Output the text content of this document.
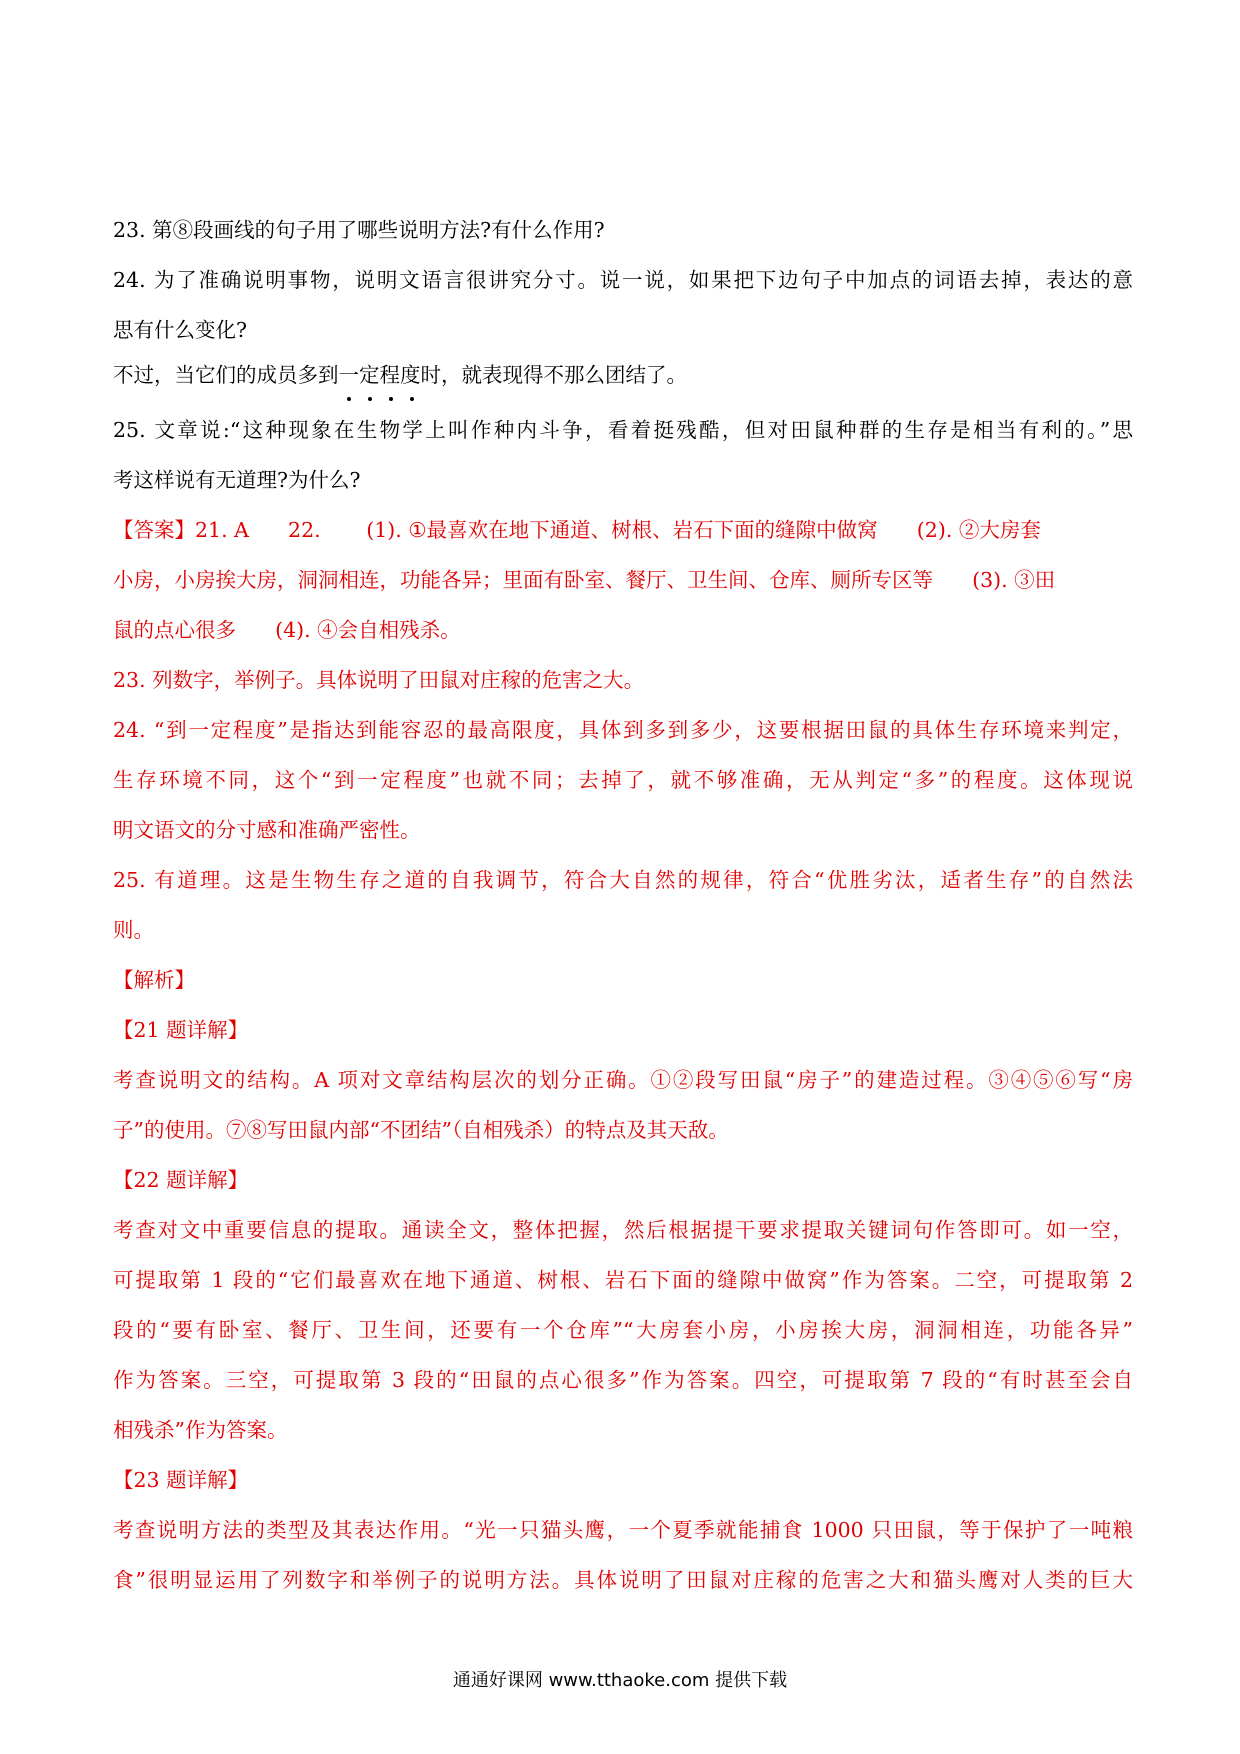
23. 第⑧段画线的句子用了哪些说明方法?有什么作用?

24. 为了准确说明事物，说明文语言很讲究分寸。说一说，如果把下边句子中加点的词语去掉，表达的意

思有什么变化?

不过，当它们的成员多到一定程度
时，就表现得不那么团结了。

25. 文章说:“这种现象在生物学上叫作种内斗争，看着挺残酷，但对田鼠种群的生存是相当有利的。”思

考这样说有无道理?为什么?

【答案】21. A      22.       (1). ①最喜欢在地下通道、树根、岩石下面的缝隙中做窝      (2). ②大房套

小房，小房挨大房，洞洞相连，功能各异；里面有卧室、餐厅、卫生间、仓库、厕所专区等      (3). ③田

鼠的点心很多      (4). ④会自相残杀。

23. 列数字，举例子。具体说明了田鼠对庄稼的危害之大。

24. “到一定程度”是指达到能容忍的最高限度，具体到多到多少，这要根据田鼠的具体生存环境来判定，

生存环境不同，这个“到一定程度”也就不同；去掉了，就不够准确，无从判定“多”的程度。这体现说

明文语文的分寸感和准确严密性。

25. 有道理。这是生物生存之道的自我调节，符合大自然的规律，符合“优胜劣汰，适者生存”的自然法

则。

【解析】

【21 题详解】

考查说明文的结构。A 项对文章结构层次的划分正确。①②段写田鼠“房子”的建造过程。③④⑤⑥写“房

子”的使用。⑦⑧写田鼠内部“不团结”（自相残杀）的特点及其天敌。

【22 题详解】

考查对文中重要信息的提取。通读全文，整体把握，然后根据提干要求提取关键词句作答即可。如一空，

可提取第 1 段的“它们最喜欢在地下通道、树根、岩石下面的缝隙中做窝”作为答案。二空，可提取第 2

段的“要有卧室、餐厅、卫生间，还要有一个仓库”“大房套小房，小房挨大房，洞洞相连，功能各异”

作为答案。三空，可提取第 3 段的“田鼠的点心很多”作为答案。四空，可提取第 7 段的“有时甚至会自

相残杀”作为答案。

【23 题详解】

考查说明方法的类型及其表达作用。“光一只猫头鹰，一个夏季就能捕食 1000 只田鼠，等于保护了一吨粮

食”很明显运用了列数字和举例子的说明方法。具体说明了田鼠对庄稼的危害之大和猫头鹰对人类的巨大

通通好课网 www.tthaoke.com 提供下载
